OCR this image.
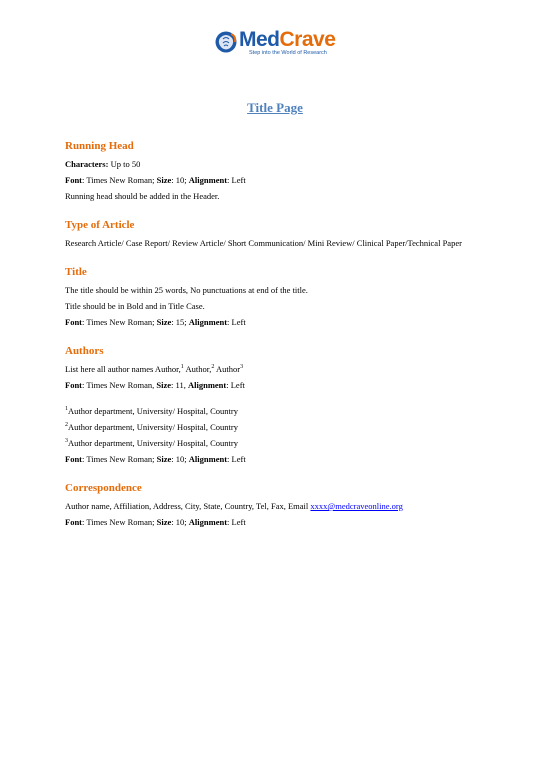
MedCrave
Step into the World of Research
Title Page
Running Head
Characters: Up to 50
Font: Times New Roman; Size: 10; Alignment: Left
Running head should be added in the Header.
Type of Article
Research Article/ Case Report/ Review Article/ Short Communication/ Mini Review/ Clinical Paper/Technical Paper
Title
The title should be within 25 words, No punctuations at end of the title.
Title should be in Bold and in Title Case.
Font: Times New Roman; Size: 15; Alignment: Left
Authors
List here all author names Author,$^1$ Author,$^2$ Author$^3$
Font: Times New Roman, Size: 11, Alignment: Left
$^1$Author department, University/ Hospital, Country
$^2$Author department, University/ Hospital, Country
$^3$Author department, University/ Hospital, Country
Font: Times New Roman; Size: 10; Alignment: Left
Correspondence
Author name, Affiliation, Address, City, State, Country, Tel, Fax, Email xxxx@medcraveonline.org
Font: Times New Roman; Size: 10; Alignment: Left
